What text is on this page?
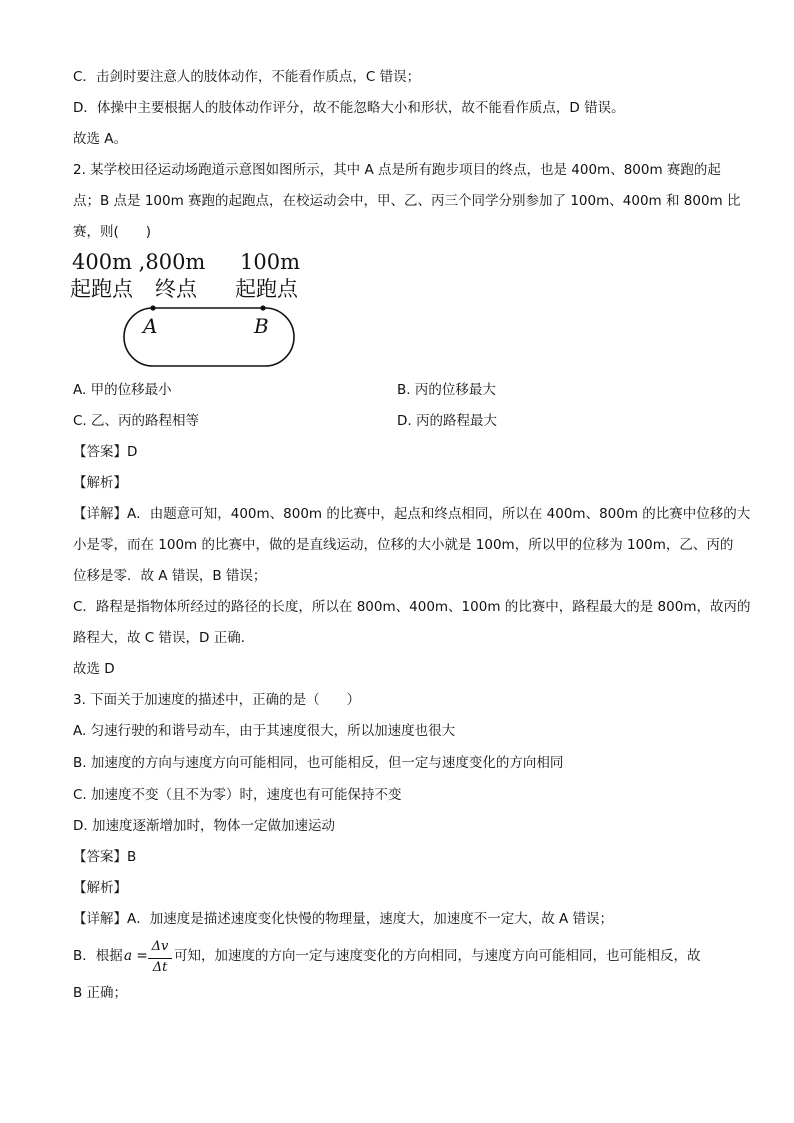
C．击剑时要注意人的肢体动作，不能看作质点，C 错误；
D．体操中主要根据人的肢体动作评分，故不能忽略大小和形状，故不能看作质点，D 错误。
故选 A。
2. 某学校田径运动场跑道示意图如图所示，其中 A 点是所有跑步项目的终点，也是 400m、800m 赛跑的起
点；B 点是 100m 赛跑的起跑点，在校运动会中，甲、乙、丙三个同学分别参加了 100m、400m 和 800m 比
赛，则(　　)
400m ,800m
起跑点 终点
100m
起跑点
A	B
A. 甲的位移最小	B. 丙的位移最大
C. 乙、丙的路程相等	D. 丙的路程最大
【答案】D
【解析】
【详解】A．由题意可知，400m、800m 的比赛中，起点和终点相同，所以在 400m、800m 的比赛中位移的大
小是零，而在 100m 的比赛中，做的是直线运动，位移的大小就是 100m，所以甲的位移为 100m，乙、丙的
位移是零．故 A 错误，B 错误；
C．路程是指物体所经过的路径的长度，所以在 800m、400m、100m 的比赛中，路程最大的是 800m，故丙的
路程大，故 C 错误，D 正确．
故选 D
3. 下面关于加速度的描述中，正确的是（　　）
A. 匀速行驶的和谐号动车，由于其速度很大，所以加速度也很大
B. 加速度的方向与速度方向可能相同，也可能相反，但一定与速度变化的方向相同
C. 加速度不变（且不为零）时，速度也有可能保持不变
D. 加速度逐渐增加时，物体一定做加速运动
【答案】B
【解析】
【详解】A．加速度是描述速度变化快慢的物理量，速度大，加速度不一定大，故 A 错误；
B．根据 a =
Δv
Δt
可知，加速度的方向一定与速度变化的方向相同，与速度方向可能相同，也可能相反，故
B 正确；
